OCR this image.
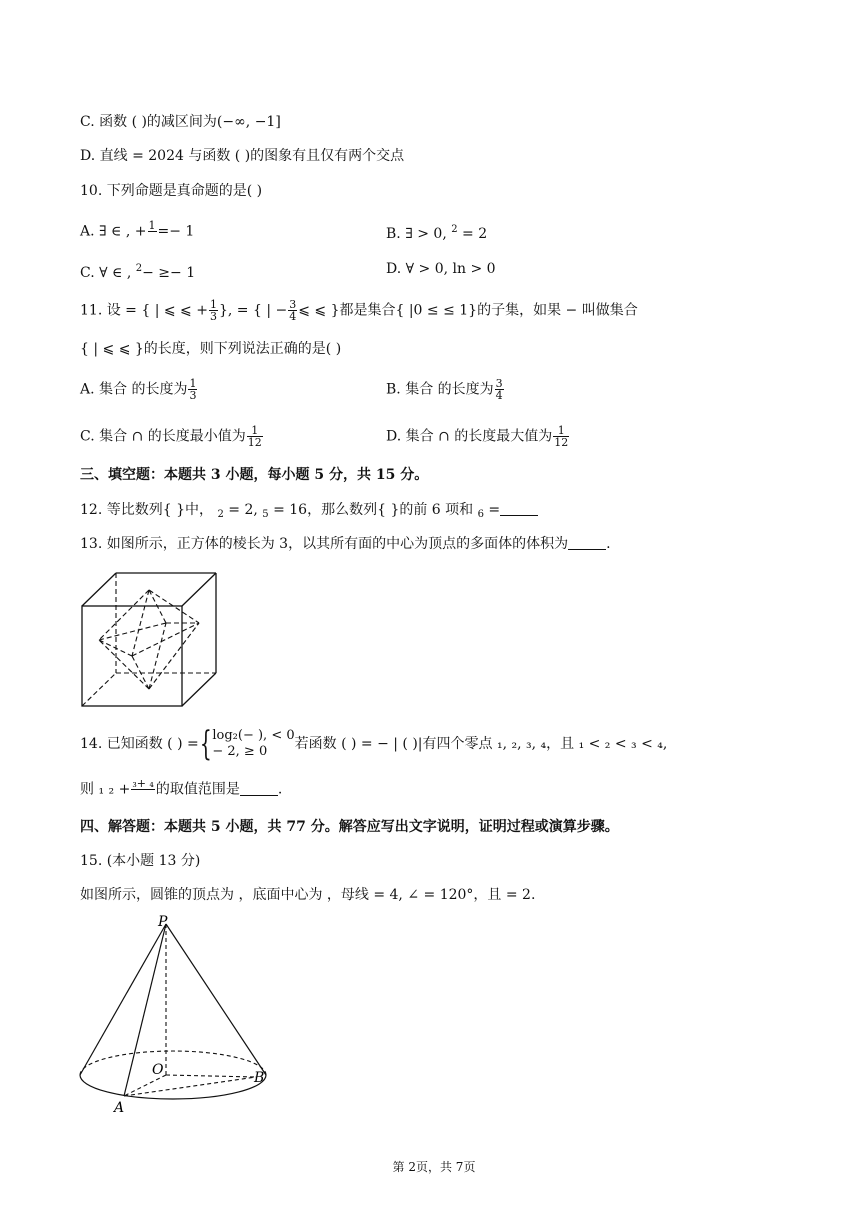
C. 函数 ( )的减区间为(−∞, −1]
D. 直线 = 2024 与函数 ( )的图象有且仅有两个交点
10. 下列命题是真命题的是( )
A. ∃ ∈ , + 1
=− 1	B. ∃ > 0, $^2$ = 2
C. ∀ ∈ , $^2$− ≥− 1	D. ∀ > 0, ln > 0
11. 设 = { | ⩽ ⩽ + $\frac{1}{3}$ }, = { | − $\frac{3}{4}$ ⩽ ⩽ }都是集合{ |0 ≤ ≤ 1}的子集，如果 − 叫做集合
{ | ⩽ ⩽ }的长度，则下列说法正确的是( )
A. 集合 的长度为 $\frac{1}{3}$	B. 集合 的长度为 $\frac{3}{4}$
C. 集合 ∩ 的长度最小值为 $\frac{1}{12}$	D. 集合 ∩ 的长度最大值为 $\frac{1}{12}$
三、填空题：本题共 3 小题，每小题 5 分，共 15 分。
12. 等比数列{ }中， $_2$ = 2, $_5$ = 16，那么数列{ }的前 6 项和 $_6$ =
13. 如图所示，正方体的棱长为 3，以其所有面的中心为顶点的多面体的体积为	.
14. 已知函数 ( ) ={ log₂(− ), < 0
− 2, ≥ 0	若函数 ( ) = − | ( )|有四个零点 ₁, ₂, ₃, ₄，且 ₁ < ₂ < ₃ < ₄,
则 ₁ ₂ + ₃+ ₄
的取值范围是	.
四、解答题：本题共 5 小题，共 77 分。解答应写出文字说明，证明过程或演算步骤。
15. (本小题 13 分)
如图所示，圆锥的顶点为 ，底面中心为 ，母线 = 4, ∠ = 120°，且 = 2.
P
O
A
B
第 2页，共 7页
